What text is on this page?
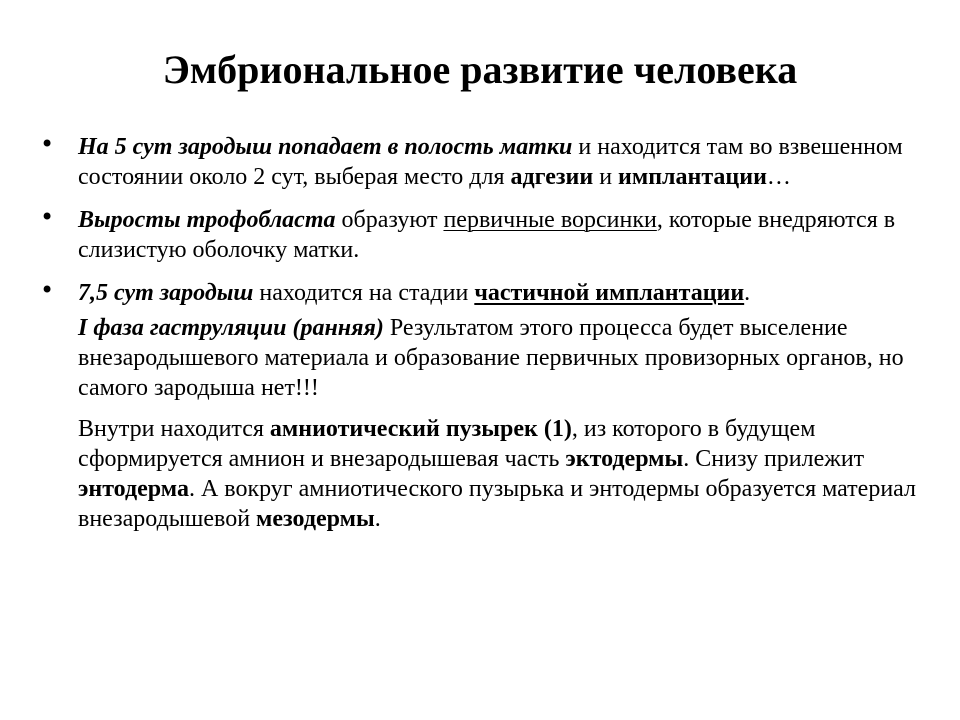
Эмбриональное развитие человека

• На 5 сут зародыш попадает в полость матки и находится там во взвешенном состоянии около 2 сут, выберая место для адгезии и имплантации…

• Выросты трофобласта образуют первичные ворсинки, которые внедряются в слизистую оболочку матки.

• 7,5 сут зародыш находится на стадии частичной имплантации.

I фаза гаструляции (ранняя) Результатом этого процесса будет выселение внезародышевого материала и образование первичных провизорных органов, но самого зародыша нет!!!

Внутри находится амниотический пузырек (1), из которого в будущем сформируется амнион и внезародышевая часть эктодермы. Снизу прилежит энтодерма. А вокруг амниотического пузырька и энтодермы образуется материал внезародышевой мезодермы.
